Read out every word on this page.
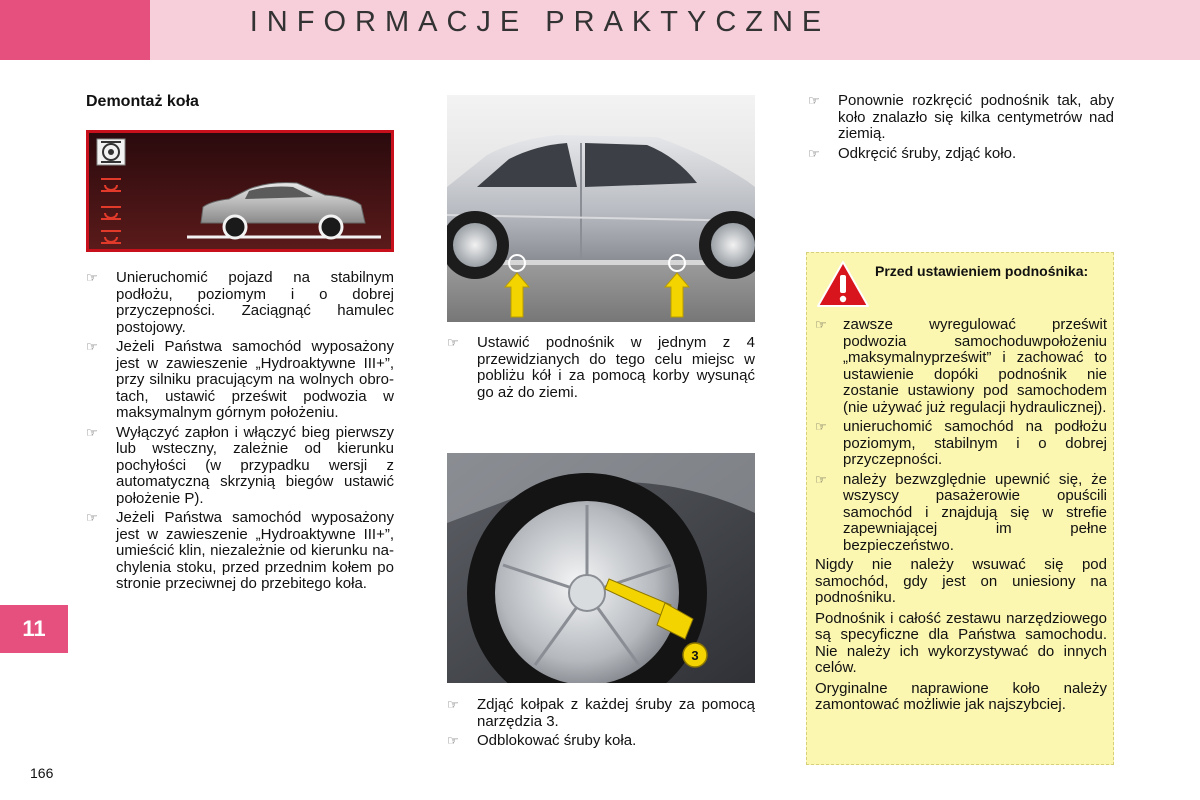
INFORMACJE PRAKTYCZNE
11
166
Demontaż koła
☞	Unieruchomić pojazd na stabilnym podłożu, poziomym i o dobrej przyczepności. Zaciągnąć hamulec postojowy.
☞	Jeżeli Państwa samochód wyposażony jest w zawieszenie „Hydroaktywne III+”, przy silniku pracującym na wolnych obrotach, ustawić prześwit podwozia w maksymalnym górnym położeniu.
☞	Wyłączyć zapłon i włączyć bieg pierwszy lub wsteczny, zależnie od kierunku pochyłości (w przypadku wersji z automatyczną skrzynią biegów ustawić położenie P).
☞	Jeżeli Państwa samochód wyposażony jest w zawieszenie „Hydroaktywne III+”, umieścić klin, niezależnie od kierunku nachylenia stoku, przed przednim kołem po stronie przeciwnej do przebitego koła.
☞	Ustawić podnośnik w jednym z 4 przewidzianych do tego celu miejsc w pobliżu kół i za pomocą korby wysunąć go aż do ziemi.
3
☞	Zdjąć kołpak z każdej śruby za pomocą narzędzia 3.
☞	Odblokować śruby koła.
☞	Ponownie rozkręcić podnośnik tak, aby koło znalazło się kilka centymetrów nad ziemią.
☞	Odkręcić śruby, zdjąć koło.
Przed ustawieniem podnośnika:
☞	zawsze wyregulować prześwit podwozia samochoduwpołożeniu „maksymalnyprześwit” i zachować to ustawienie dopóki podnośnik nie zostanie ustawiony pod samochodem (nie używać już regulacji hydraulicznej).
☞	unieruchomić samochód na podłożu poziomym, stabilnym i o dobrej przyczepności.
☞	należy bezwzględnie upewnić się, że wszyscy pasażerowie opuścili samochód i znajdują się w strefie zapewniającej im pełne bezpieczeństwo.

Nigdy nie należy wsuwać się pod samochód, gdy jest on uniesiony na podnośniku.

Podnośnik i całość zestawu narzędziowego są specyficzne dla Państwa samochodu. Nie należy ich wykorzystywać do innych celów.

Oryginalne naprawione koło należy zamontować możliwie jak najszybciej.
